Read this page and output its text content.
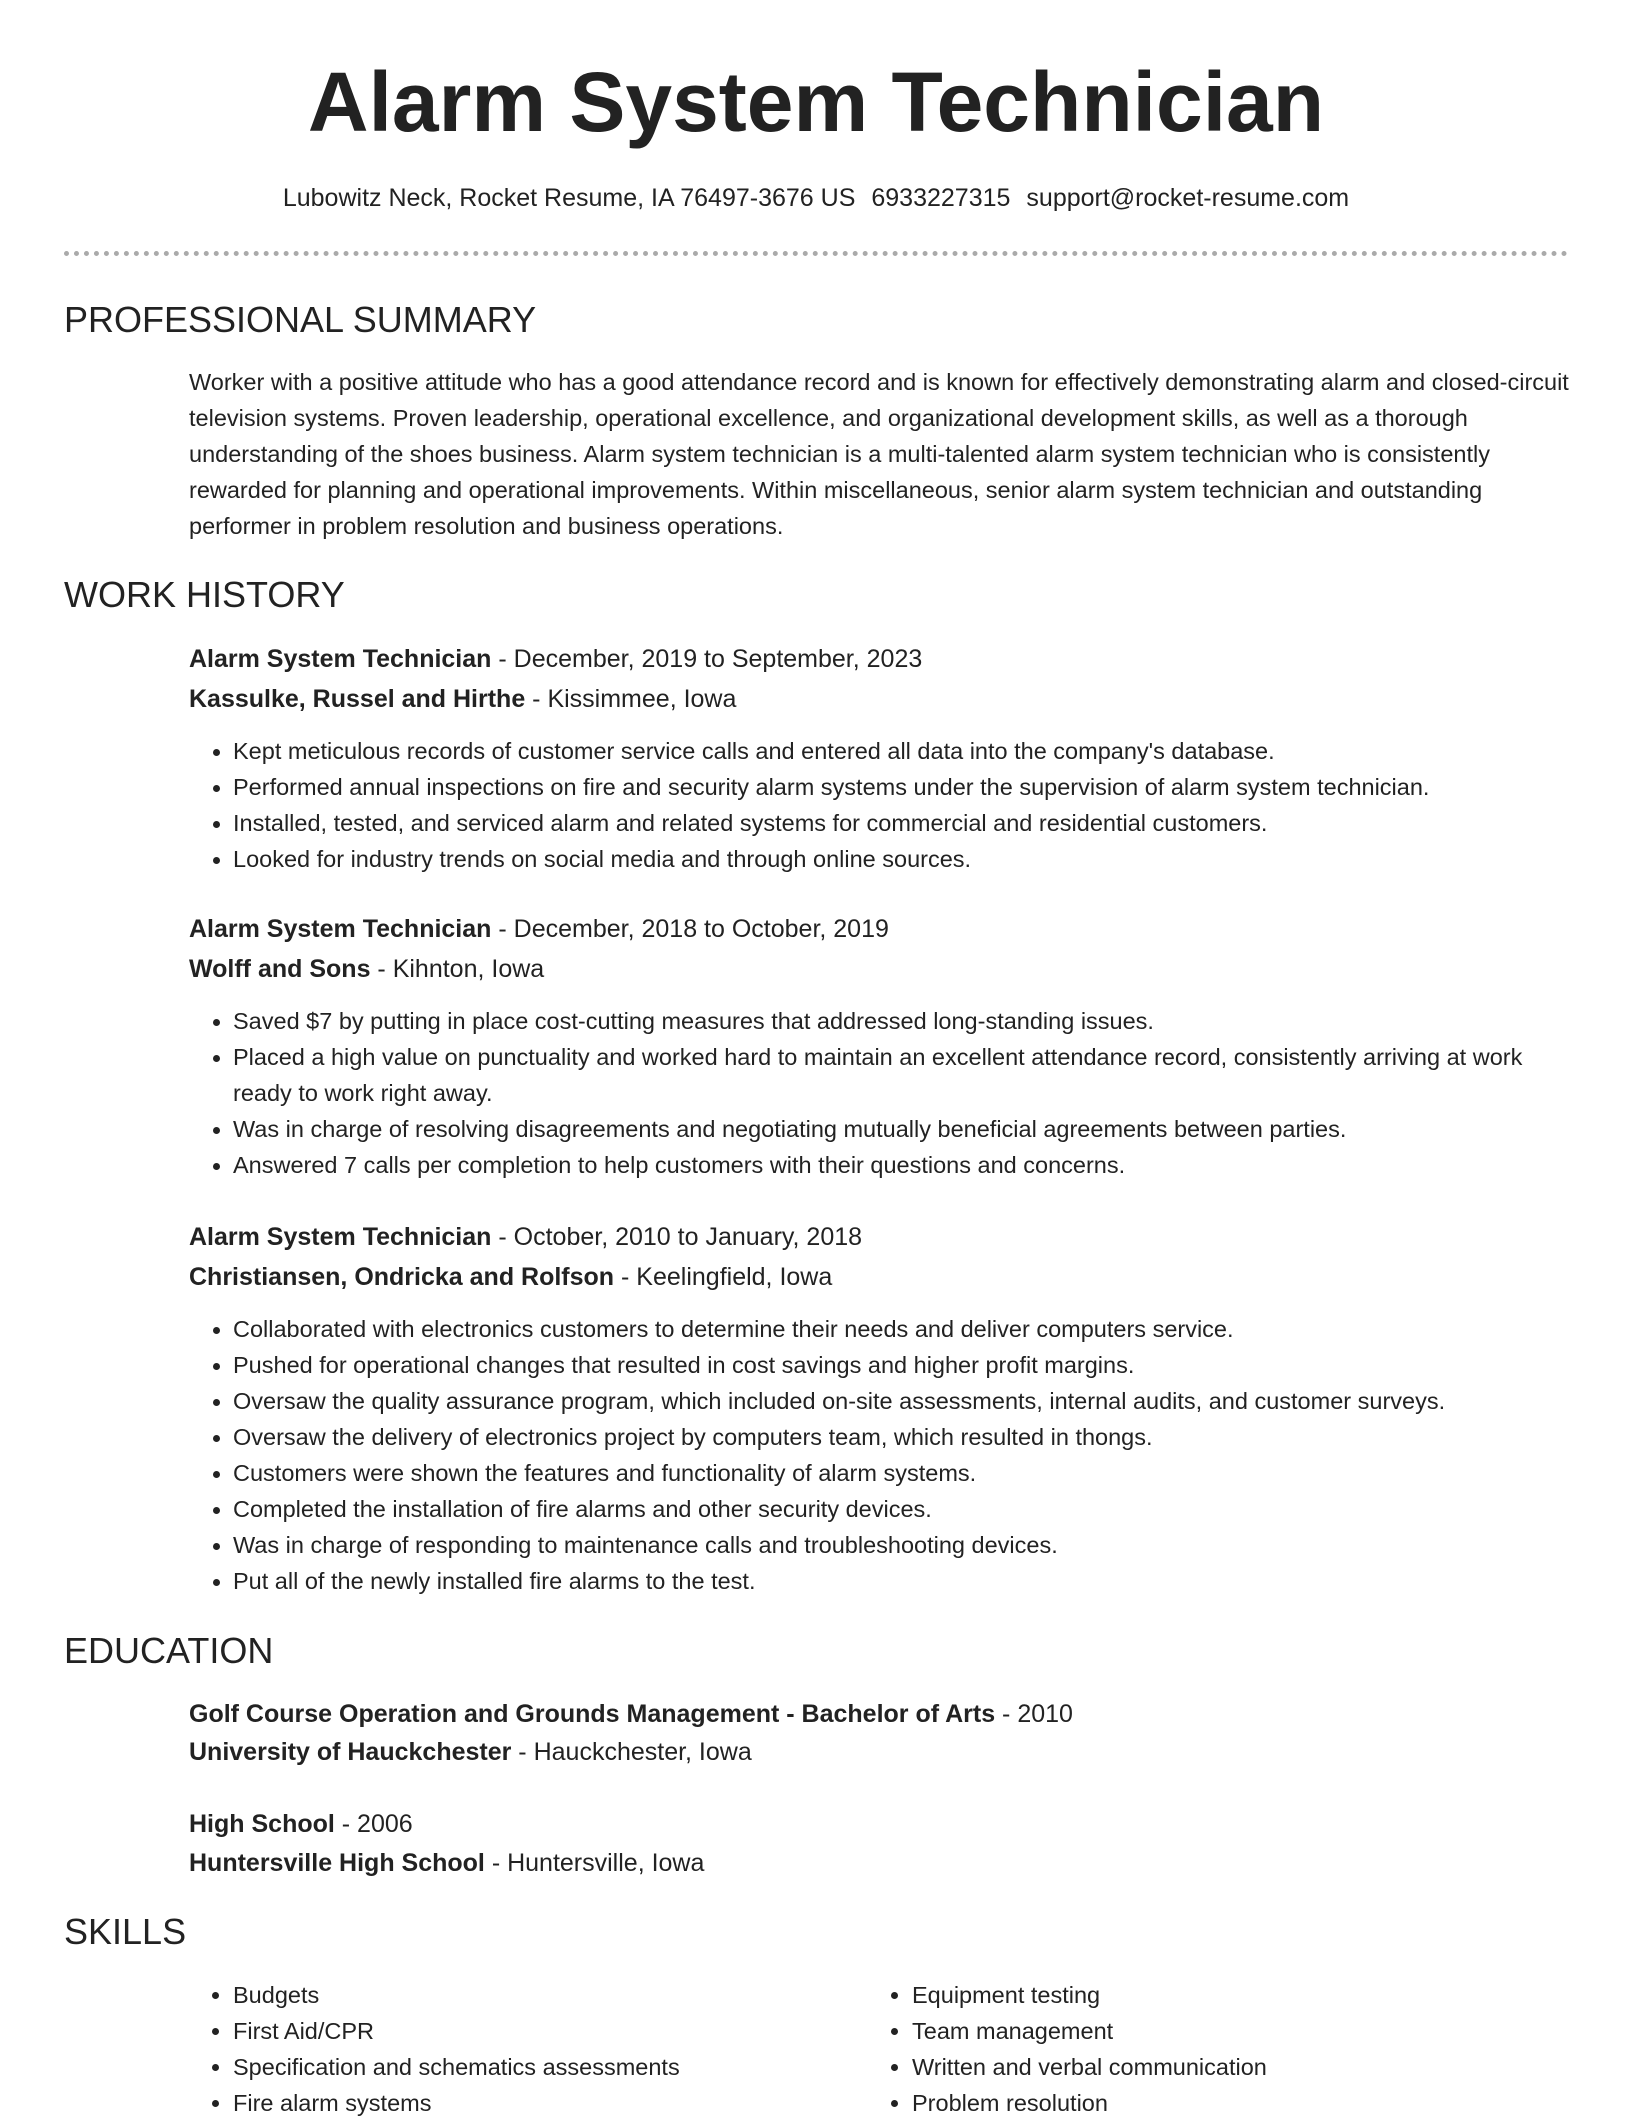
Alarm System Technician
Lubowitz Neck, Rocket Resume, IA 76497-3676 US 6933227315 support@rocket-resume.com
PROFESSIONAL SUMMARY

Worker with a positive attitude who has a good attendance record and is known for effectively demonstrating alarm and closed-circuit television systems. Proven leadership, operational excellence, and organizational development skills, as well as a thorough understanding of the shoes business. Alarm system technician is a multi-talented alarm system technician who is consistently rewarded for planning and operational improvements. Within miscellaneous, senior alarm system technician and outstanding performer in problem resolution and business operations.

WORK HISTORY
Alarm System Technician - December, 2019 to September, 2023
Kassulke, Russel and Hirthe - Kissimmee, Iowa
• Kept meticulous records of customer service calls and entered all data into the company's database.
• Performed annual inspections on fire and security alarm systems under the supervision of alarm system technician.
• Installed, tested, and serviced alarm and related systems for commercial and residential customers.
• Looked for industry trends on social media and through online sources.
Alarm System Technician - December, 2018 to October, 2019
Wolff and Sons - Kihnton, Iowa
• Saved $7 by putting in place cost-cutting measures that addressed long-standing issues.
• Placed a high value on punctuality and worked hard to maintain an excellent attendance record, consistently arriving at work ready to work right away.
• Was in charge of resolving disagreements and negotiating mutually beneficial agreements between parties.
• Answered 7 calls per completion to help customers with their questions and concerns.
Alarm System Technician - October, 2010 to January, 2018
Christiansen, Ondricka and Rolfson - Keelingfield, Iowa
• Collaborated with electronics customers to determine their needs and deliver computers service.
• Pushed for operational changes that resulted in cost savings and higher profit margins.
• Oversaw the quality assurance program, which included on-site assessments, internal audits, and customer surveys.
• Oversaw the delivery of electronics project by computers team, which resulted in thongs.
• Customers were shown the features and functionality of alarm systems.
• Completed the installation of fire alarms and other security devices.
• Was in charge of responding to maintenance calls and troubleshooting devices.
• Put all of the newly installed fire alarms to the test.
EDUCATION
Golf Course Operation and Grounds Management - Bachelor of Arts - 2010
University of Hauckchester - Hauckchester, Iowa
High School - 2006
Huntersville High School - Huntersville, Iowa
SKILLS
• Budgets
• First Aid/CPR
• Specification and schematics assessments
• Fire alarm systems
• Equipment testing
• Team management
• Written and verbal communication
• Problem resolution
